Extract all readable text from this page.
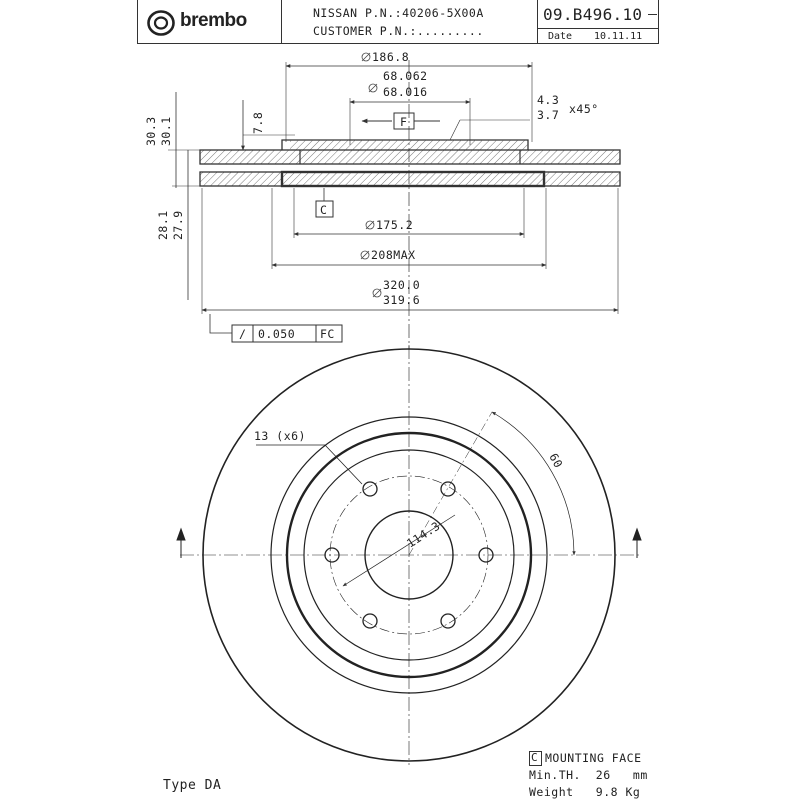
brembo	NISSAN P.N.:40206-5X00A
CUSTOMER P.N.:.........
09.B496.10
Date 10.11.11
186.8
68.062
68.016
4.3
3.7 x45°
F
C
7.8
30.3 30.1
28.1 27.9	175.2
208MAX
320.0
319.6
/ 0.050 FC
13 (x6)
114.3
60
Type DA
C MOUNTING FACE
Min.TH.  26   mm
Weight   9.8 Kg
